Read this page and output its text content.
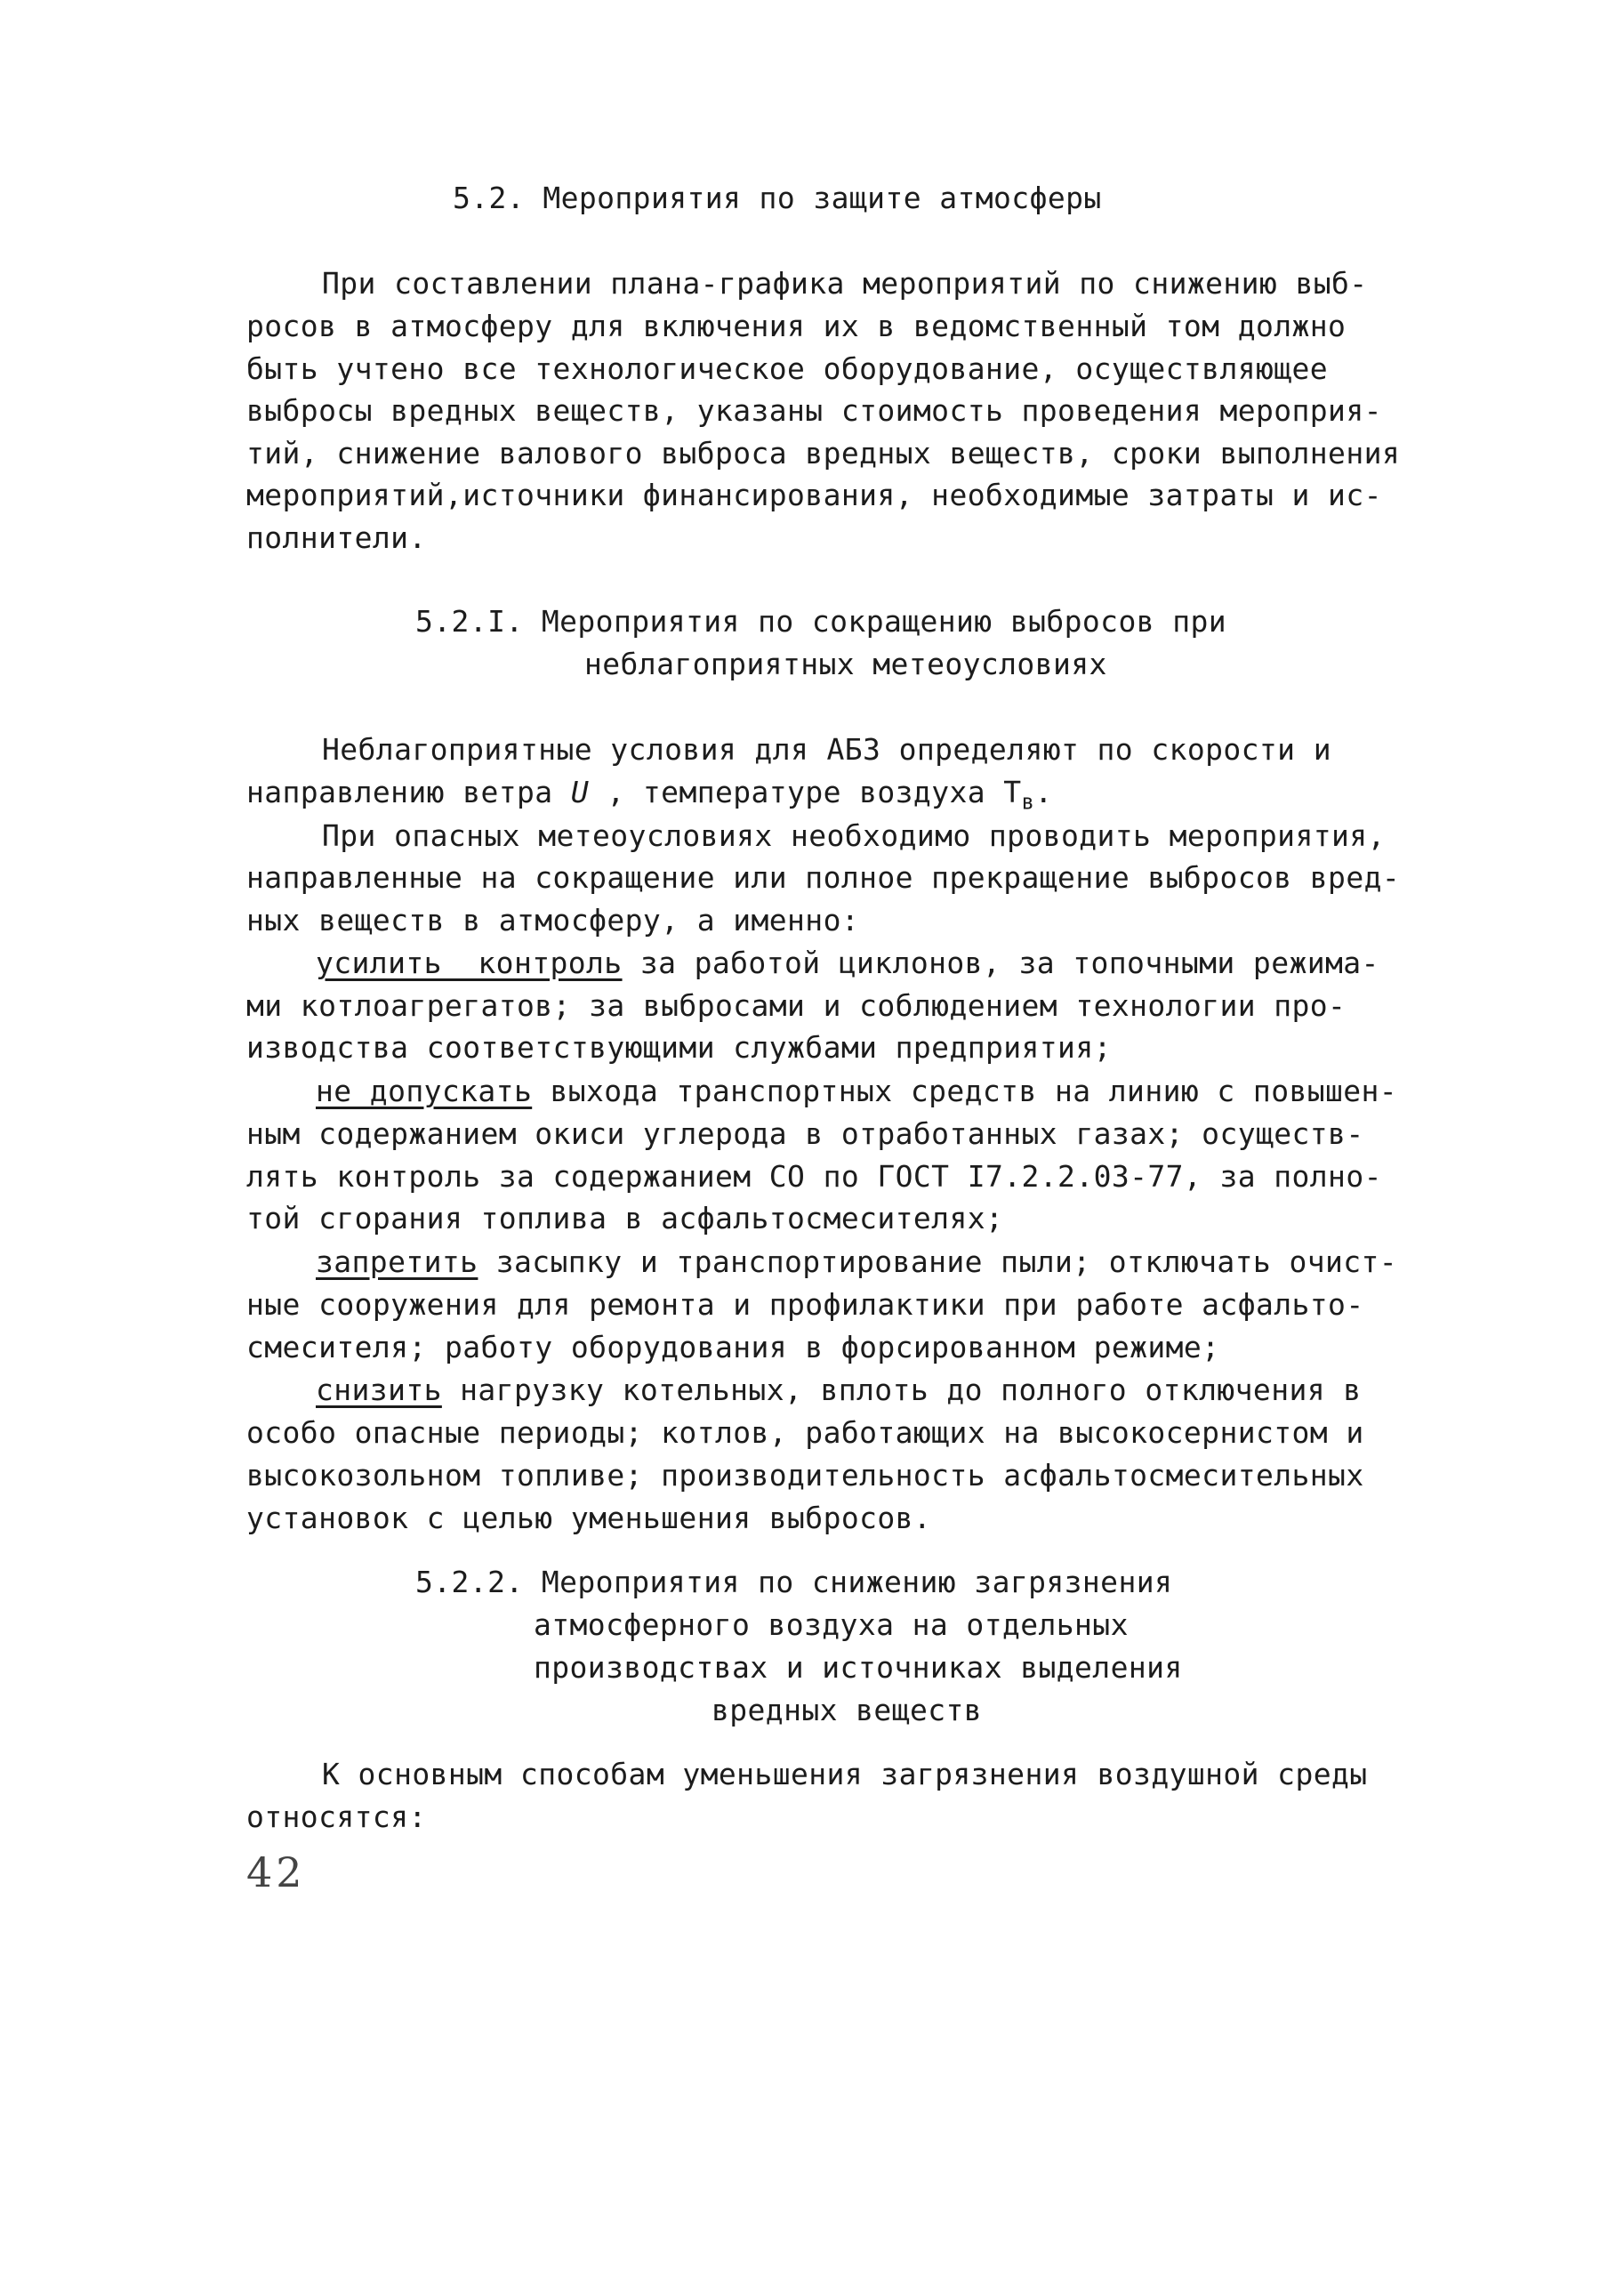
5.2. Мероприятия по защите атмосферы
При составлении плана-графика мероприятий по снижению выб-
росов в атмосферу для включения их в ведомственный том должно
быть учтено все технологическое оборудование, осуществляющее
выбросы вредных веществ, указаны стоимость проведения мероприя-
тий, снижение валового выброса вредных веществ, сроки выполнения
мероприятий,источники финансирования, необходимые затраты и ис-
полнители.
5.2.I. Мероприятия по сокращению выбросов при
неблагоприятных метеоусловиях
Неблагоприятные условия для АБЗ определяют по скорости и
направлению ветра U , температуре воздуха $T_в$.
При опасных метеоусловиях необходимо проводить мероприятия,
направленные на сокращение или полное прекращение выбросов вред-
ных веществ в атмосферу, а именно:
усилить  контроль за работой циклонов, за топочными режима-
ми котлоагрегатов; за выбросами и соблюдением технологии про-
изводства соответствующими службами предприятия;
не допускать выхода транспортных средств на линию с повышен-
ным содержанием окиси углерода в отработанных газах; осуществ-
лять контроль за содержанием СО по ГОСТ I7.2.2.03-77, за полно-
той сгорания топлива в асфальтосмесителях;
запретить засыпку и транспортирование пыли; отключать очист-
ные сооружения для ремонта и профилактики при работе асфальто-
смесителя; работу оборудования в форсированном режиме;
снизить нагрузку котельных, вплоть до полного отключения в
особо опасные периоды; котлов, работающих на высокосернистом и
высокозольном топливе; производительность асфальтосмесительных
установок с целью уменьшения выбросов.
5.2.2. Мероприятия по снижению загрязнения
атмосферного воздуха на отдельных
производствах и источниках выделения
вредных веществ
К основным способам уменьшения загрязнения воздушной среды
относятся:
42
